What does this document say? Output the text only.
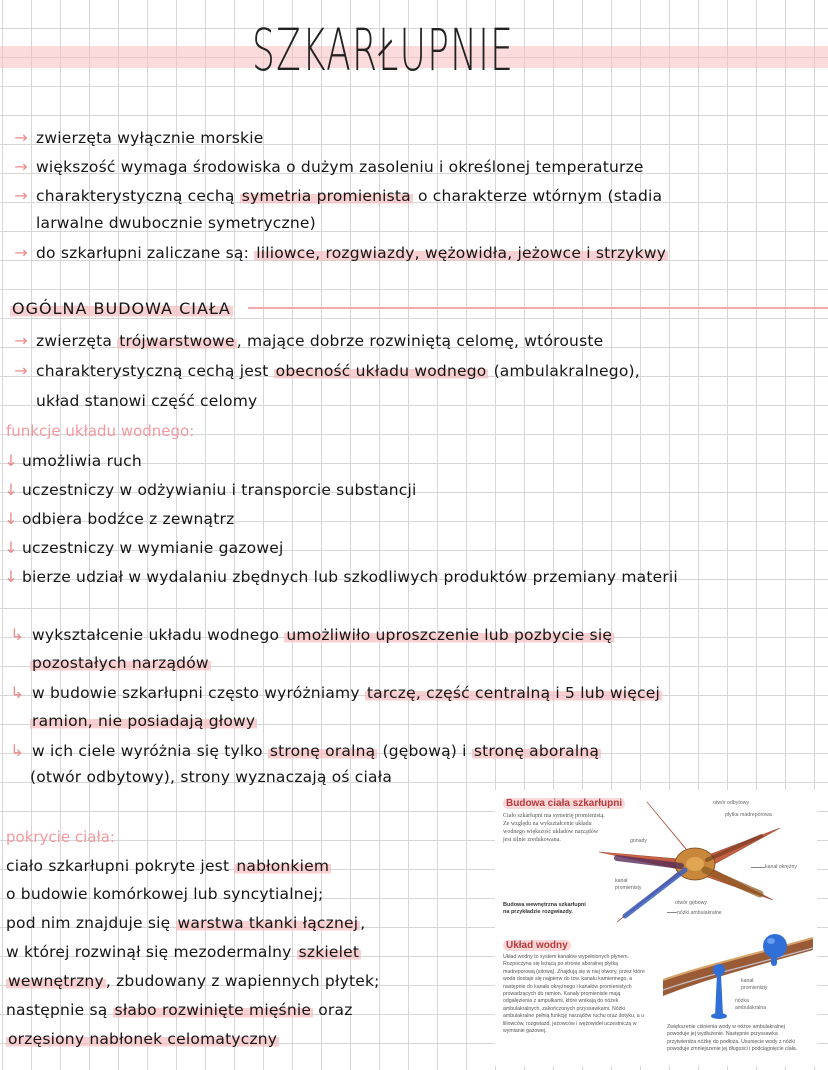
SZKARŁUPNIE
→ zwierzęta wyłącznie morskie
→ większość wymaga środowiska o dużym zasoleniu i określonej temperaturze
→ charakterystyczną cechą symetria promienista o charakterze wtórnym (stadia
larwalne dwubocznie symetryczne)
→ do szkarłupni zaliczane są: liliowce, rozgwiazdy, wężowidła, jeżowce i strzykwy
OGÓLNA BUDOWA CIAŁA
→ zwierzęta trójwarstwowe , mające dobrze rozwiniętą celomę, wtórouste
→ charakterystyczną cechą jest obecność układu wodnego (ambulakralnego),
układ stanowi część celomy
funkcje układu wodnego:
↓ umożliwia ruch
↓ uczestniczy w odżywianiu i transporcie substancji
↓ odbiera bodźce z zewnątrz
↓ uczestniczy w wymianie gazowej
↓ bierze udział w wydalaniu zbędnych lub szkodliwych produktów przemiany materii
↳ wykształcenie układu wodnego umożliwiło uproszczenie lub pozbycie się
pozostałych narządów
↳ w budowie szkarłupni często wyróżniamy tarczę, część centralną i 5 lub więcej
ramion, nie posiadają głowy
↳ w ich ciele wyróżnia się tylko stronę oralną (gębową) i stronę aboralną
(otwór odbytowy), strony wyznaczają oś ciała
pokrycie ciała:
ciało szkarłupni pokryte jest nabłonkiem
o budowie komórkowej lub syncytialnej;
pod nim znajduje się warstwa tkanki łącznej ,
w której rozwinął się mezodermalny szkielet
wewnętrzny , zbudowany z wapiennych płytek;
następnie są słabo rozwinięte mięśnie oraz
orzęsiony nabłonek celomatyczny
Budowa ciała szkarłupni
Ciało szkarłupni ma symetrię promienistą. Ze względu na wykształcenie układu wodnego większość układów narządów jest silnie zredukowana.
Budowa wewnętrzna szkarłupni na przykładzie rozgwiazdy.
otwór odbytowy
płytka madreporowa
gonady
kanał okrężny
kanał promienisty
otwór gębowy
nóżki ambulakralne
Układ wodny
Układ wodny to system kanałów wypełnionych płynem. Rozpoczyna się leżącą po stronie aboralnej płytką madreporową (sitową). Znajdują się w niej otwory, przez które woda dostaje się najpierw do tzw. kanału kamiennego, a następnie do kanału okrężnego i kanałów promienistych prowadzących do ramion. Kanały promieniste mają odgałęzienia z ampułkami, które wnikają do nóżek ambulakralnych, zakończonych przyssawkami. Nóżki ambulakralne pełnią funkcję narządów ruchu oraz dotyku, a u liliowców, rozgwiazd, jeżowców i wężowideł uczestniczą w wymianie gazowej.
kanał promienisty
nóżka ambulakralna
Zwiększenie ciśnienia wody w nóżce ambulakralnej powoduje jej wydłużenie. Następnie przyssawka przytwierdza nóżkę do podłoża. Usunięcie wody z nóżki powoduje zmniejszenie jej długości i podciągnięcie ciała.
